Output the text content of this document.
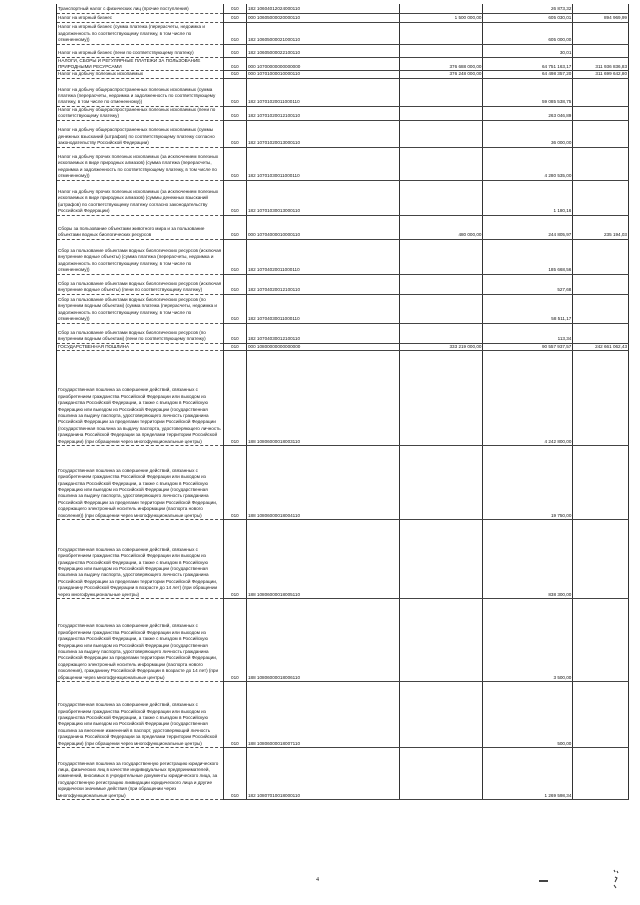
Транспортный налог с физических лиц (прочие поступления)	010	182 10604012024000110		26 873,32	
Налог на игорный бизнес	010	000 10605000020000110	1 500 000,00	605 030,01	894 969,99
Налог на игорный бизнес (сумма платежа (перерасчеты, недоимка и задолженность по соответствующему платежу, в том числе по отмененному))	010	182 10605000021000110		605 000,00	
Налог на игорный бизнес (пени по соответствующему платежу)	010	182 10605000022100110		30,01	
НАЛОГИ, СБОРЫ И РЕГУЛЯРНЫЕ ПЛАТЕЖИ ЗА ПОЛЬЗОВАНИЕ ПРИРОДНЫМИ РЕСУРСАМИ	010	000 10700000000000000	376 688 000,00	64 751 163,17	311 936 836,83
Налог на добычу полезных ископаемых	010	000 10701000010000110	376 248 000,00	64 498 357,20	311 699 642,80
Налог на добычу общераспространенных полезных ископаемых (сумма платежа (перерасчеты, недоимка и задолженность по соответствующему платежу, в том числе по отмененному))	010	182 10701020011000110		59 085 538,75	
Налог на добычу общераспространенных полезных ископаемых (пени по соответствующему платежу)	010	182 10701020012100110		263 046,89	
Налог на добычу общераспространенных полезных ископаемых (суммы денежных взысканий (штрафов) по соответствующему платежу согласно законодательству Российской Федерации)	010	182 10701020013000110		36 000,00	
Налог на добычу прочих полезных ископаемых (за исключением полезных ископаемых в виде природных алмазов) (сумма платежа (перерасчеты, недоимка и задолженность по соответствующему платежу, в том числе по отмененному))	010	182 10701030011000110		4 280 535,00	
Налог на добычу прочих полезных ископаемых (за исключением полезных ископаемых в виде природных алмазов) (суммы денежных взысканий (штрафов) по соответствующему платежу согласно законодательству Российской Федерации)	010	182 10701030013000110		1 180,16	
Сборы за пользование объектами животного мира и за пользование объектами водных биологических ресурсов	010	000 10704000010000110	480 000,00	244 805,97	235 194,03
Сбор за пользование объектами водных биологических ресурсов (исключая внутренние водные объекты) (сумма платежа (перерасчеты, недоимка и задолженность по соответствующему платежу, в том числе по отмененному))	010	182 10704020011000110		185 668,56	
Сбор за пользование объектами водных биологических ресурсов (исключая внутренние водные объекты) (пени по соответствующему платежу)	010	182 10704020012100110		527,68	
Сбор за пользование объектами водных биологических ресурсов (по внутренним водным объектам) (сумма платежа (перерасчеты, недоимка и задолженность по соответствующему платежу, в том числе по отмененному))	010	182 10704030011000110		58 511,17	
Сбор за пользование объектами водных биологических ресурсов (по внутренним водным объектам) (пени по соответствующему платежу)	010	182 10704030012100110		113,34	
ГОСУДАРСТВЕННАЯ ПОШЛИНА	010	000 10800000000000000	333 219 000,00	90 557 937,57	242 661 062,43
Государственная пошлина за совершение действий, связанных с приобретением гражданства Российской Федерации или выходом из гражданства Российской Федерации, а также с въездом в Российскую Федерацию или выездом из Российской Федерации (государственная пошлина за выдачу паспорта, удостоверяющего личность гражданина Российской Федерации за пределами территории Российской Федерации (государственная пошлина за выдачу паспорта, удостоверяющего личность гражданина Российской Федерации за пределами территории Российской Федерации) (при обращении через многофункциональные центры)	010	188 10806000018003110		4 242 800,00	
Государственная пошлина за совершение действий, связанных с приобретением гражданства Российской Федерации или выходом из гражданства Российской Федерации, а также с въездом в Российскую Федерацию или выездом из Российской Федерации (государственная пошлина за выдачу паспорта, удостоверяющего личность гражданина Российской Федерации за пределами территории Российской Федерации, содержащего электронный носитель информации (паспорта нового поколения)) (при обращении через многофункциональные центры)	010	188 10806000018004110		19 750,00	
Государственная пошлина за совершение действий, связанных с приобретением гражданства Российской Федерации или выходом из гражданства Российской Федерации, а также с въездом в Российскую Федерацию или выездом из Российской Федерации (государственная пошлина за выдачу паспорта, удостоверяющего личность гражданина Российской Федерации за пределами территории Российской Федерации, гражданину Российской Федерации в возрасте до 14 лет) (при обращении через многофункциональные центры)	010	188 10806000018005110		838 300,00	
Государственная пошлина за совершение действий, связанных с приобретением гражданства Российской Федерации или выходом из гражданства Российской Федерации, а также с въездом в Российскую Федерацию или выездом из Российской Федерации (государственная пошлина за выдачу паспорта, удостоверяющего личность гражданина Российской Федерации за пределами территории Российской Федерации, содержащего электронный носитель информации (паспорта нового поколения), гражданину Российской Федерации в возрасте до 14 лет) (при обращении через многофункциональные центры)	010	188 10806000018006110		3 500,00	
Государственная пошлина за совершение действий, связанных с приобретением гражданства Российской Федерации или выходом из гражданства Российской Федерации, а также с въездом в Российскую Федерацию или выездом из Российской Федерации (государственная пошлина за внесение изменений в паспорт, удостоверяющий личность гражданина Российской Федерации за пределами территории Российской Федерации) (при обращении через многофункциональные центры)	010	188 10806000018007110		500,00	
Государственная пошлина за государственную регистрацию юридического лица, физических лиц в качестве индивидуальных предпринимателей, изменений, вносимых в учредительные документы юридического лица, за государственную регистрацию ликвидации юридического лица и другие юридически значимые действия (при обращении через многофункциональные центры)	010	182 10807010018000110		1 269 598,34	
4
